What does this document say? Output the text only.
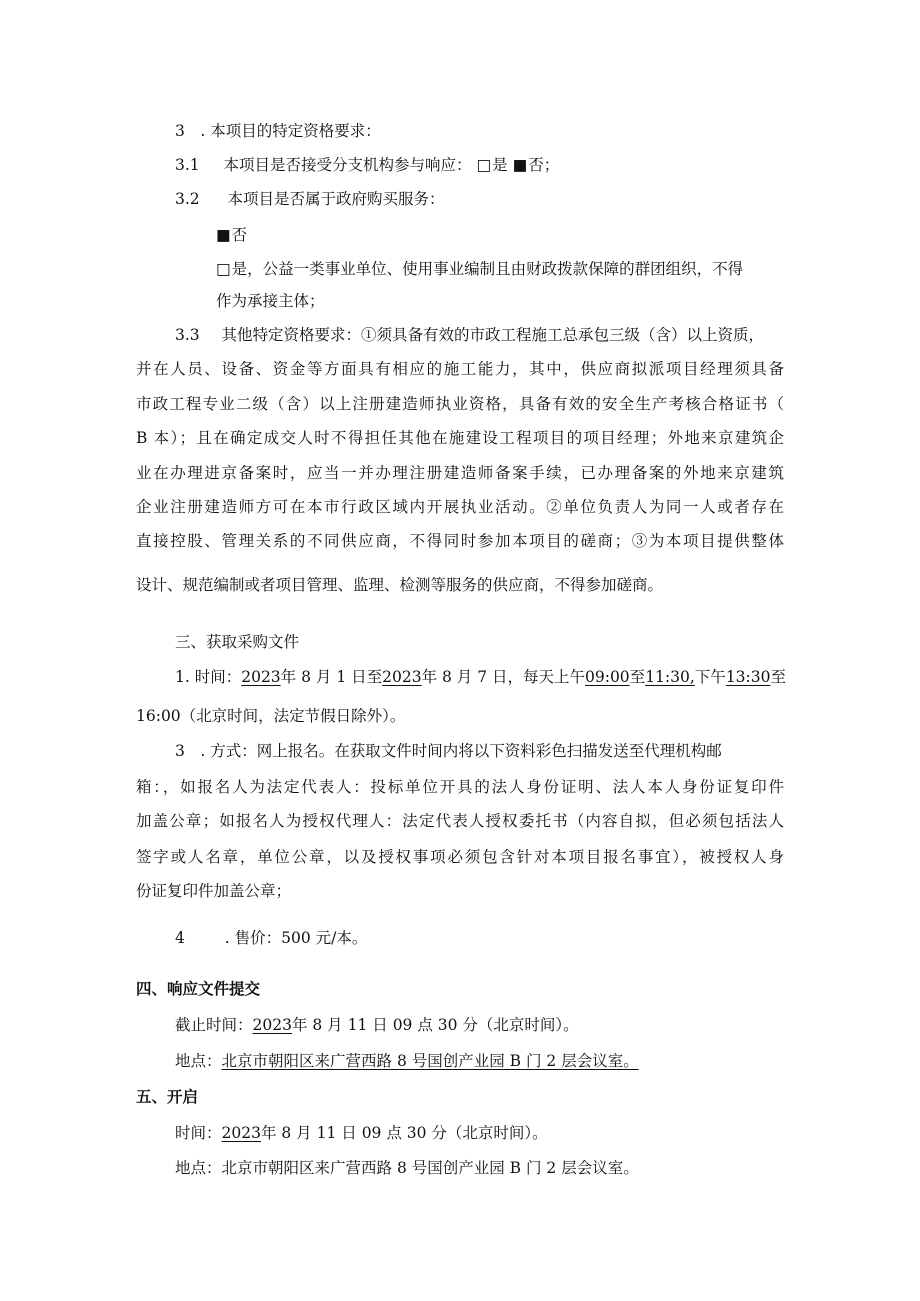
3　. 本项目的特定资格要求：
3.1 本项目是否接受分支机构参与响应： □是 ■否；
3.2 本项目是否属于政府购买服务：
■否
□是，公益一类事业单位、使用事业编制且由财政拨款保障的群团组织，不得
作为承接主体；
3.3 其他特定资格要求：①须具备有效的市政工程施工总承包三级（含）以上资质，
并在人员、设备、资金等方面具有相应的施工能力，其中，供应商拟派项目经理须具备
市政工程专业二级（含）以上注册建造师执业资格，具备有效的安全生产考核合格证书（
B 本）；且在确定成交人时不得担任其他在施建设工程项目的项目经理；外地来京建筑企
业在办理进京备案时，应当一并办理注册建造师备案手续，已办理备案的外地来京建筑
企业注册建造师方可在本市行政区域内开展执业活动。②单位负责人为同一人或者存在
直接控股、管理关系的不同供应商，不得同时参加本项目的磋商；③为本项目提供整体
设计、规范编制或者项目管理、监理、检测等服务的供应商，不得参加磋商。
三、获取采购文件
1. 时间：2023年 8 月 1 日至2023年 8 月 7 日，每天上午09:00至11:30,下午13:30至
16:00（北京时间，法定节假日除外）。
3　. 方式：网上报名。在获取文件时间内将以下资料彩色扫描发送至代理机构邮
箱：，如报名人为法定代表人：投标单位开具的法人身份证明、法人本人身份证复印件
加盖公章；如报名人为授权代理人：法定代表人授权委托书（内容自拟，但必须包括法人
签字或人名章，单位公章，以及授权事项必须包含针对本项目报名事宜），被授权人身
份证复印件加盖公章；
4	. 售价：500 元/本。
四、响应文件提交
截止时间：2023年 8 月 11 日 09 点 30 分（北京时间）。
地点：北京市朝阳区来广营西路 8 号国创产业园 B 门 2 层会议室。
五、开启
时间：2023年 8 月 11 日 09 点 30 分（北京时间）。
地点：北京市朝阳区来广营西路 8 号国创产业园 B 门 2 层会议室。
